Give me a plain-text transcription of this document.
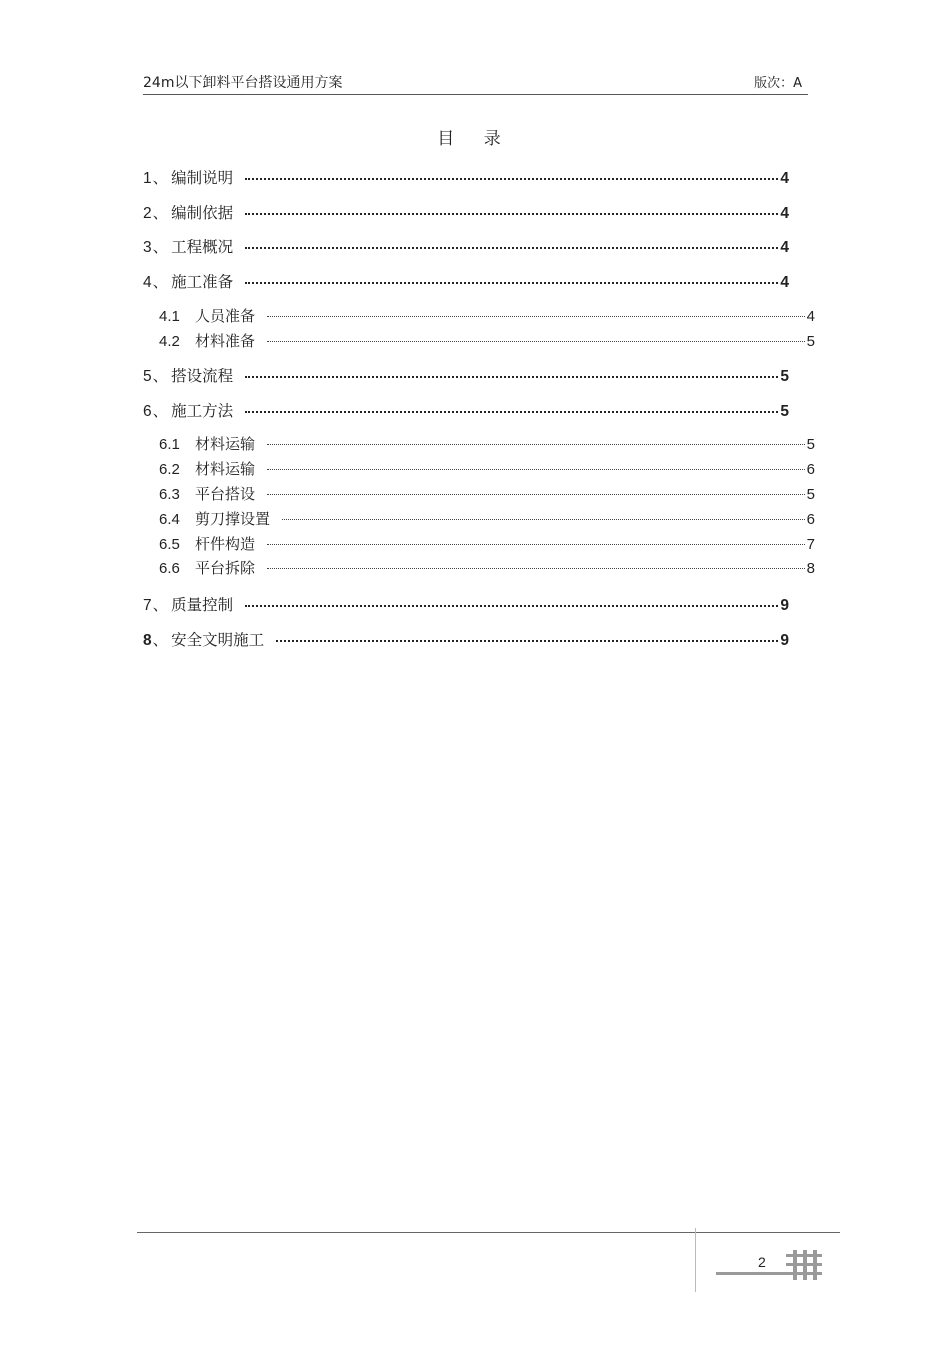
24m以下卸料平台搭设通用方案	版次：A
目 录
1 、 编制说明	4
2 、 编制依据	4
3 、 工程概况	4
4 、 施工准备	4
4.1	人员准备	4
4.2	材料准备	5
5 、 搭设流程	5
6 、 施工方法	5
6.1	材料运输	5
6.2	材料运输	6
6.3	平台搭设	5
6.4	剪刀撑设置	6
6.5	杆件构造	7
6.6	平台拆除	8
7 、 质量控制	9
8 、 安全文明施工	9
2
